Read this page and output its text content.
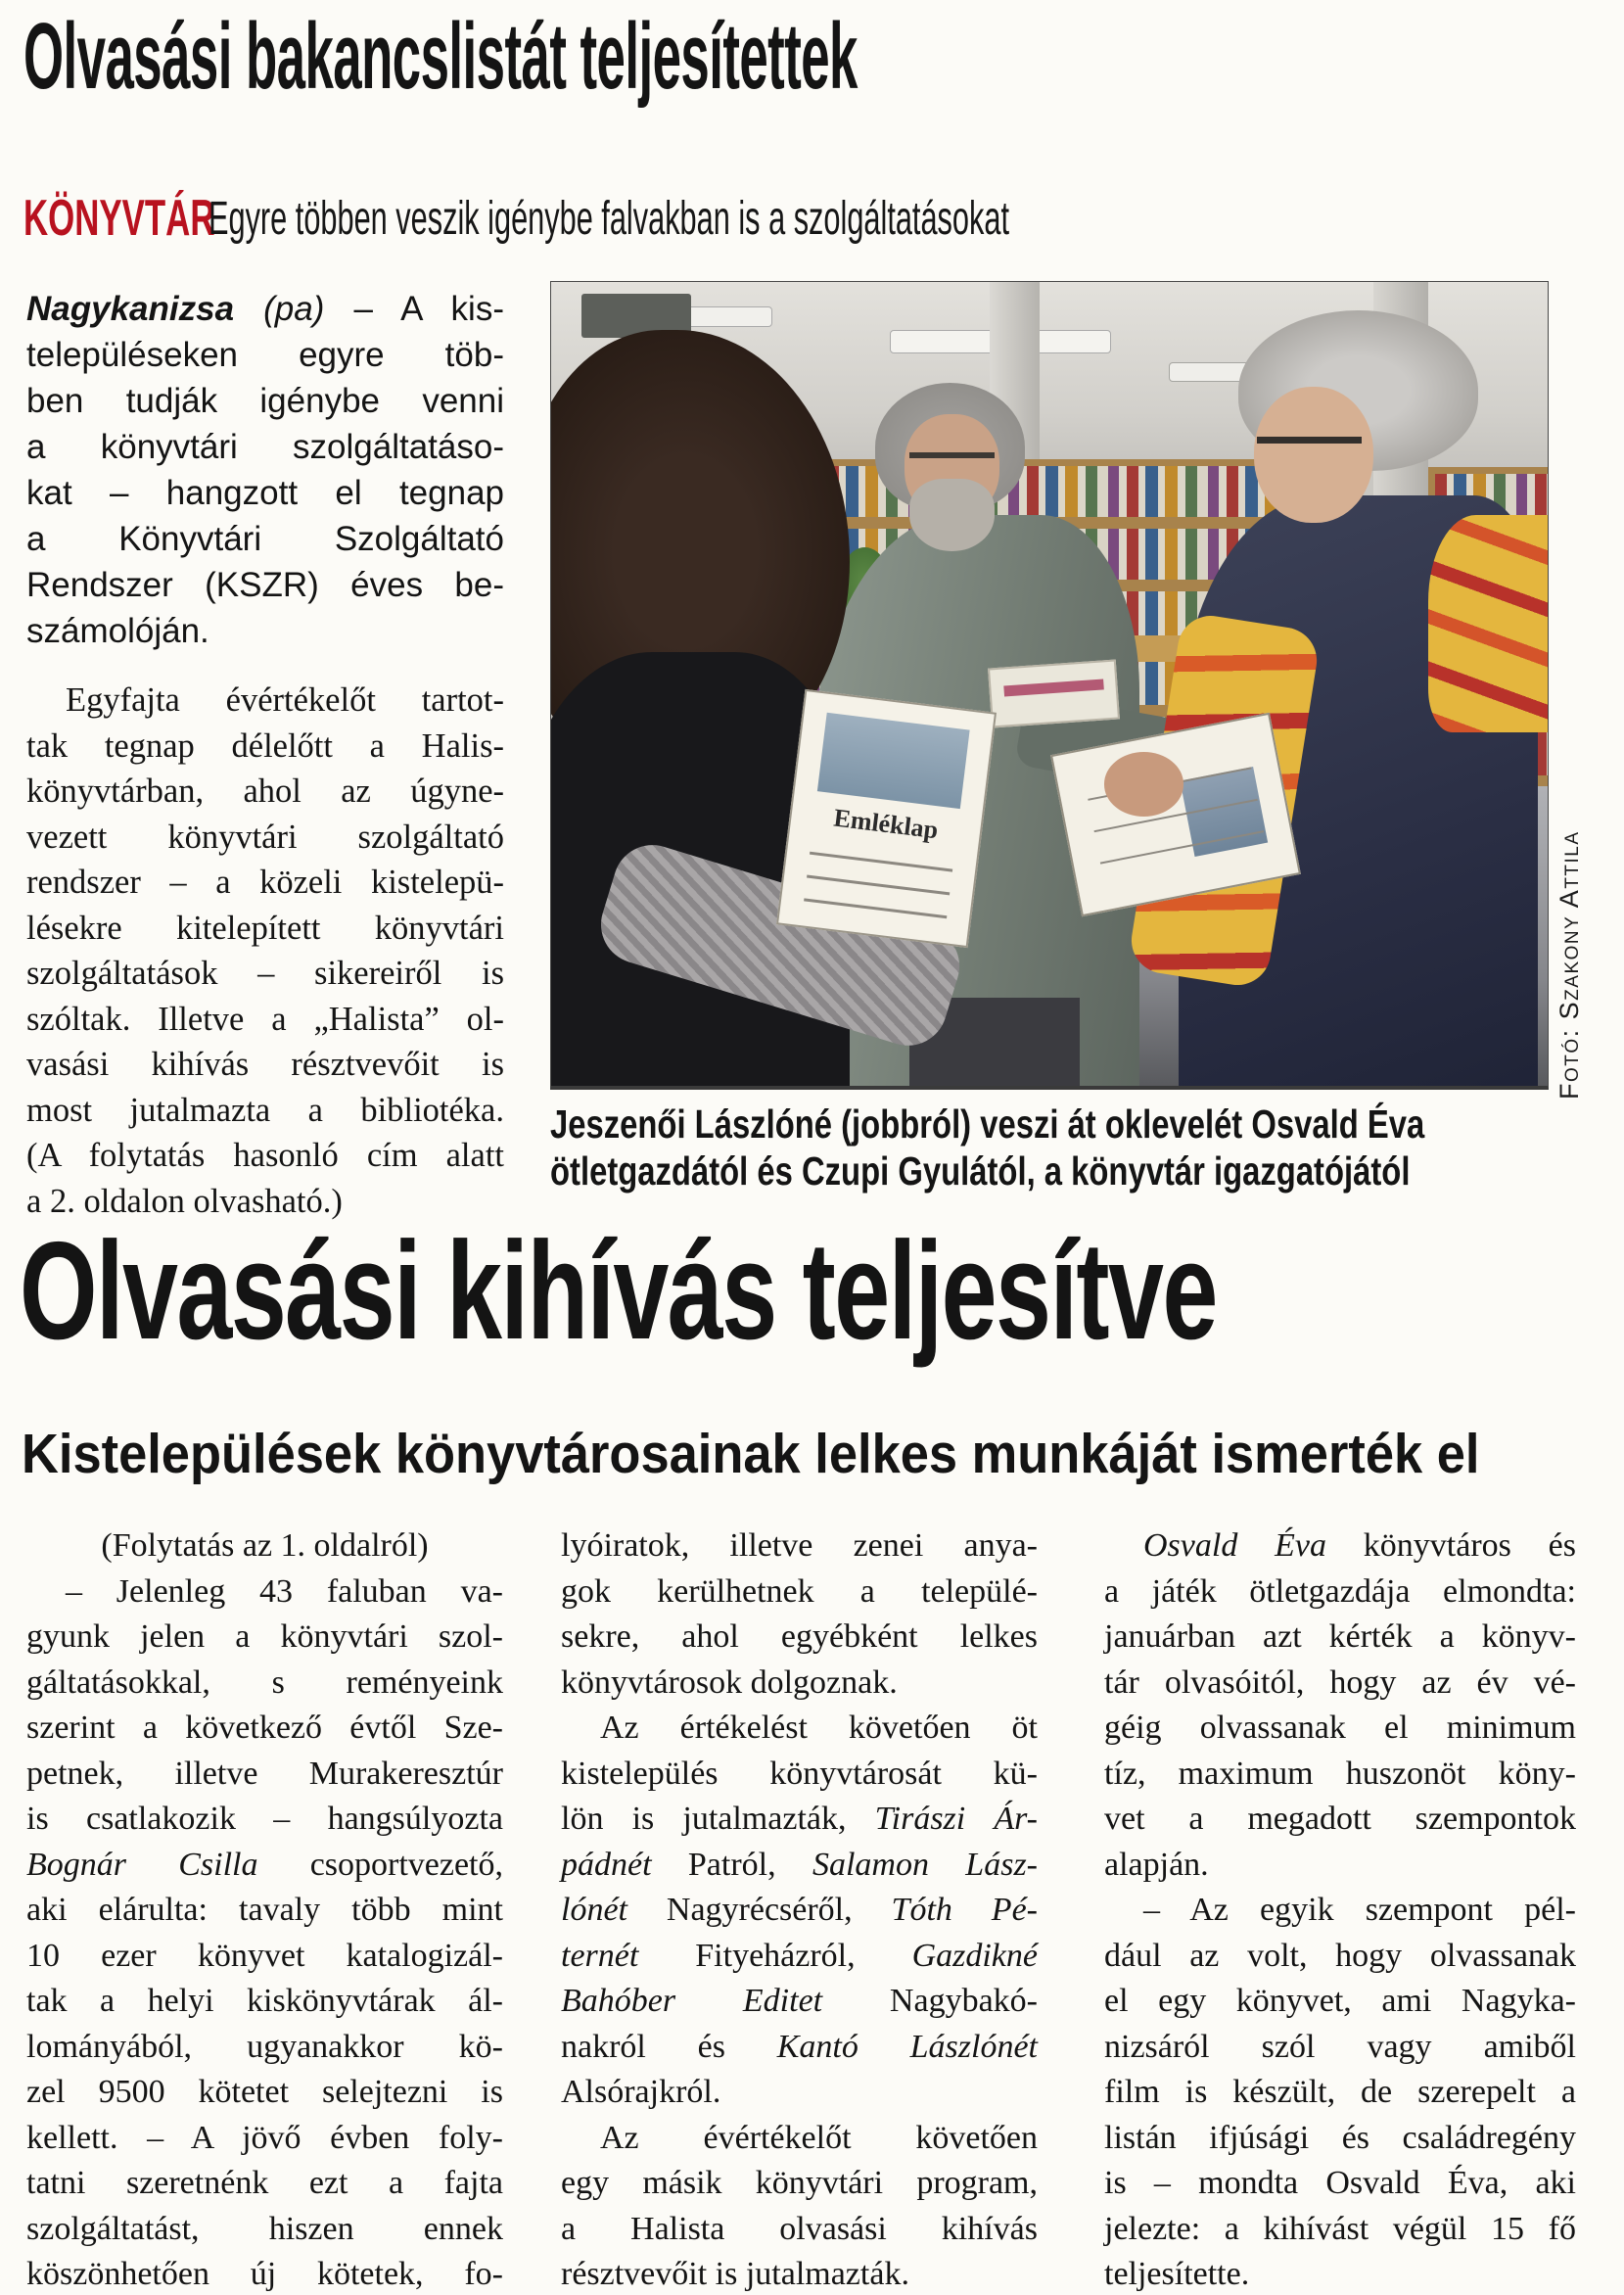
Olvasási bakancslistát teljesítettek
KÖNYVTÁR
Egyre többen veszik igénybe falvakban is a szolgáltatásokat
Nagykanizsa (pa) – A kis-
településeken egyre töb-
ben tudják igénybe venni
a könyvtári szolgáltatáso-
kat – hangzott el tegnap
a Könyvtári Szolgáltató
Rendszer (KSZR) éves be-
számolóján.
Egyfajta évértékelőt tartot-
tak tegnap délelőtt a Halis-
könyvtárban, ahol az úgyne-
vezett könyvtári szolgáltató
rendszer – a közeli kistelepü-
lésekre kitelepített könyvtári
szolgáltatások – sikereiről is
szóltak. Illetve a „Halista” ol-
vasási kihívás résztvevőit is
most jutalmazta a bibliotéka.
(A folytatás hasonló cím alatt
a 2. oldalon olvasható.)
Emléklap
Fotó: Szakony Attila
Jeszenői Lászlóné (jobbról) veszi át oklevelét Osvald Éva
ötletgazdától és Czupi Gyulától, a könyvtár igazgatójától
Olvasási kihívás teljesítve
Kistelepülések könyvtárosainak lelkes munkáját ismerték el
(Folytatás az 1. oldalról)
– Jelenleg 43 faluban va-
gyunk jelen a könyvtári szol-
gáltatásokkal, s reményeink
szerint a következő évtől Sze-
petnek, illetve Murakeresztúr
is csatlakozik – hangsúlyozta
Bognár Csilla csoportvezető,
aki elárulta: tavaly több mint
10 ezer könyvet katalogizál-
tak a helyi kiskönyvtárak ál-
lományából, ugyanakkor kö-
zel 9500 kötetet selejtezni is
kellett. – A jövő évben foly-
tatni szeretnénk ezt a fajta
szolgáltatást, hiszen ennek
köszönhetően új kötetek, fo-
lyóiratok, illetve zenei anya-
gok kerülhetnek a települé-
sekre, ahol egyébként lelkes
könyvtárosok dolgoznak.
Az értékelést követően öt
kistelepülés könyvtárosát kü-
lön is jutalmazták, Tirászi Ár-
pádnét Patról, Salamon Lász-
lónét Nagyrécséről, Tóth Pé-
ternét Fityeházról, Gazdikné
Bahóber Editet Nagybakó-
nakról és Kantó Lászlónét
Alsórajkról.
Az évértékelőt követően
egy másik könyvtári program,
a Halista olvasási kihívás
résztvevőit is jutalmazták.
Osvald Éva könyvtáros és
a játék ötletgazdája elmondta:
januárban azt kérték a könyv-
tár olvasóitól, hogy az év vé-
géig olvassanak el minimum
tíz, maximum huszonöt köny-
vet a megadott szempontok
alapján.
– Az egyik szempont pél-
dául az volt, hogy olvassanak
el egy könyvet, ami Nagyka-
nizsáról szól vagy amiből
film is készült, de szerepelt a
listán ifjúsági és családregény
is – mondta Osvald Éva, aki
jelezte: a kihívást végül 15 fő
teljesítette.
